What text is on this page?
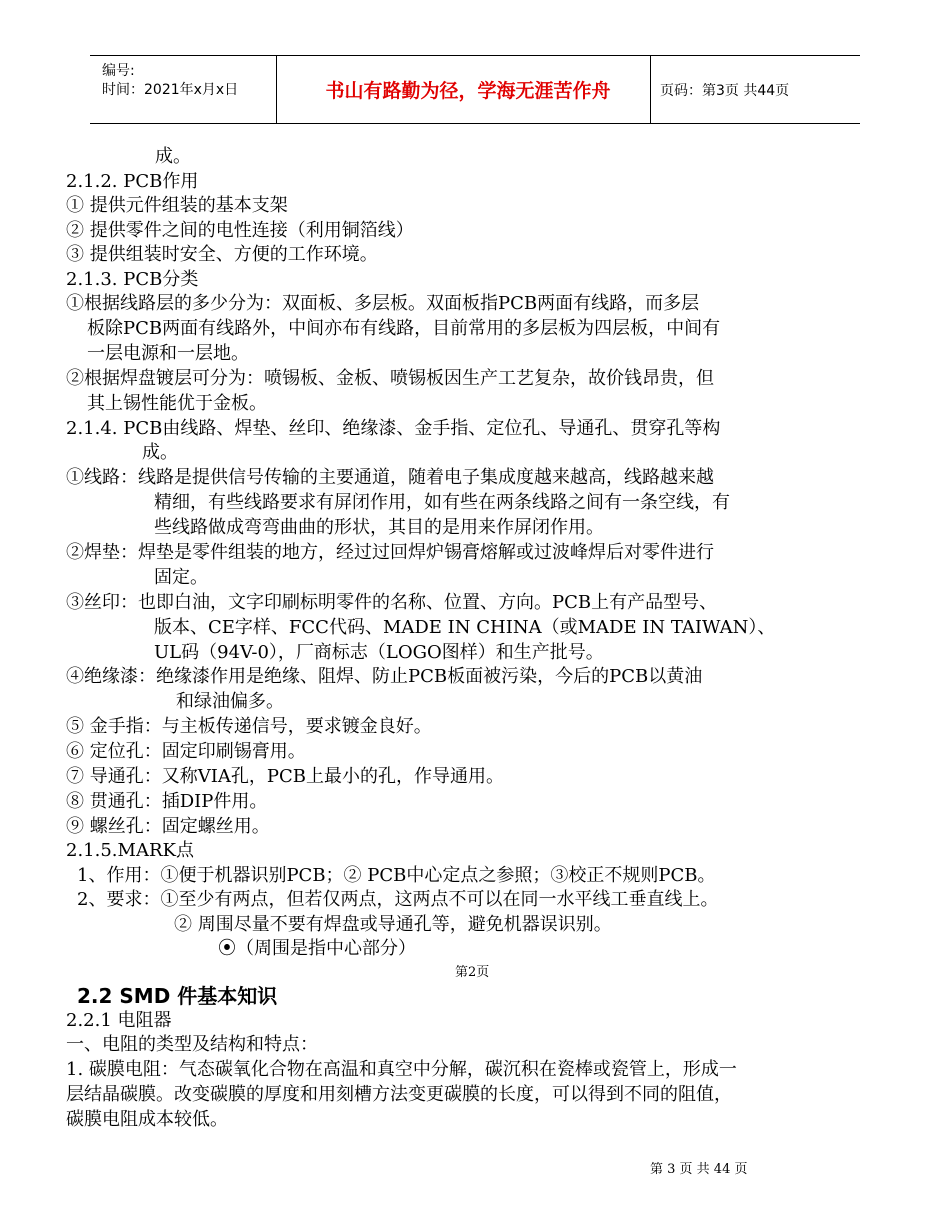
编号:
时间：2021年x月x日	书山有路勤为径，学海无涯苦作舟	页码：第3页 共44页
成。
2.1.2. PCB作用
① 提供元件组装的基本支架
② 提供零件之间的电性连接（利用铜箔线）
③ 提供组装时安全、方便的工作环境。
2.1.3. PCB分类
①根据线路层的多少分为：双面板、多层板。双面板指PCB两面有线路，而多层
板除PCB两面有线路外，中间亦布有线路，目前常用的多层板为四层板，中间有
一层电源和一层地。
②根据焊盘镀层可分为：喷锡板、金板、喷锡板因生产工艺复杂，故价钱昂贵，但
其上锡性能优于金板。
2.1.4. PCB由线路、焊垫、丝印、绝缘漆、金手指、定位孔、导通孔、贯穿孔等构
成。
①线路：线路是提供信号传输的主要通道，随着电子集成度越来越高，线路越来越
精细，有些线路要求有屏闭作用，如有些在两条线路之间有一条空线，有
些线路做成弯弯曲曲的形状，其目的是用来作屏闭作用。
②焊垫：焊垫是零件组装的地方，经过过回焊炉锡膏熔解或过波峰焊后对零件进行
固定。
③丝印：也即白油，文字印刷标明零件的名称、位置、方向。PCB上有产品型号、
版本、CE字样、FCC代码、MADE IN CHINA（或MADE IN TAIWAN）、
UL码（94V-0），厂商标志（LOGO图样）和生产批号。
④绝缘漆：绝缘漆作用是绝缘、阻焊、防止PCB板面被污染，今后的PCB以黄油
和绿油偏多。
⑤ 金手指：与主板传递信号，要求镀金良好。
⑥ 定位孔：固定印刷锡膏用。
⑦ 导通孔：又称VIA孔，PCB上最小的孔，作导通用。
⑧ 贯通孔：插DIP件用。
⑨ 螺丝孔：固定螺丝用。
2.1.5.MARK点
1、作用：①便于机器识别PCB；② PCB中心定点之参照；③校正不规则PCB。
2、要求：①至少有两点，但若仅两点，这两点不可以在同一水平线工垂直线上。
② 周围尽量不要有焊盘或导通孔等，避免机器误识别。
⦿（周围是指中心部分）
第2页
2.2 SMD 件基本知识
2.2.1 电阻器
一、电阻的类型及结构和特点：
1. 碳膜电阻：气态碳氧化合物在高温和真空中分解，碳沉积在瓷棒或瓷管上，形成一
层结晶碳膜。改变碳膜的厚度和用刻槽方法变更碳膜的长度，可以得到不同的阻值，
碳膜电阻成本较低。
第 3 页 共 44 页
